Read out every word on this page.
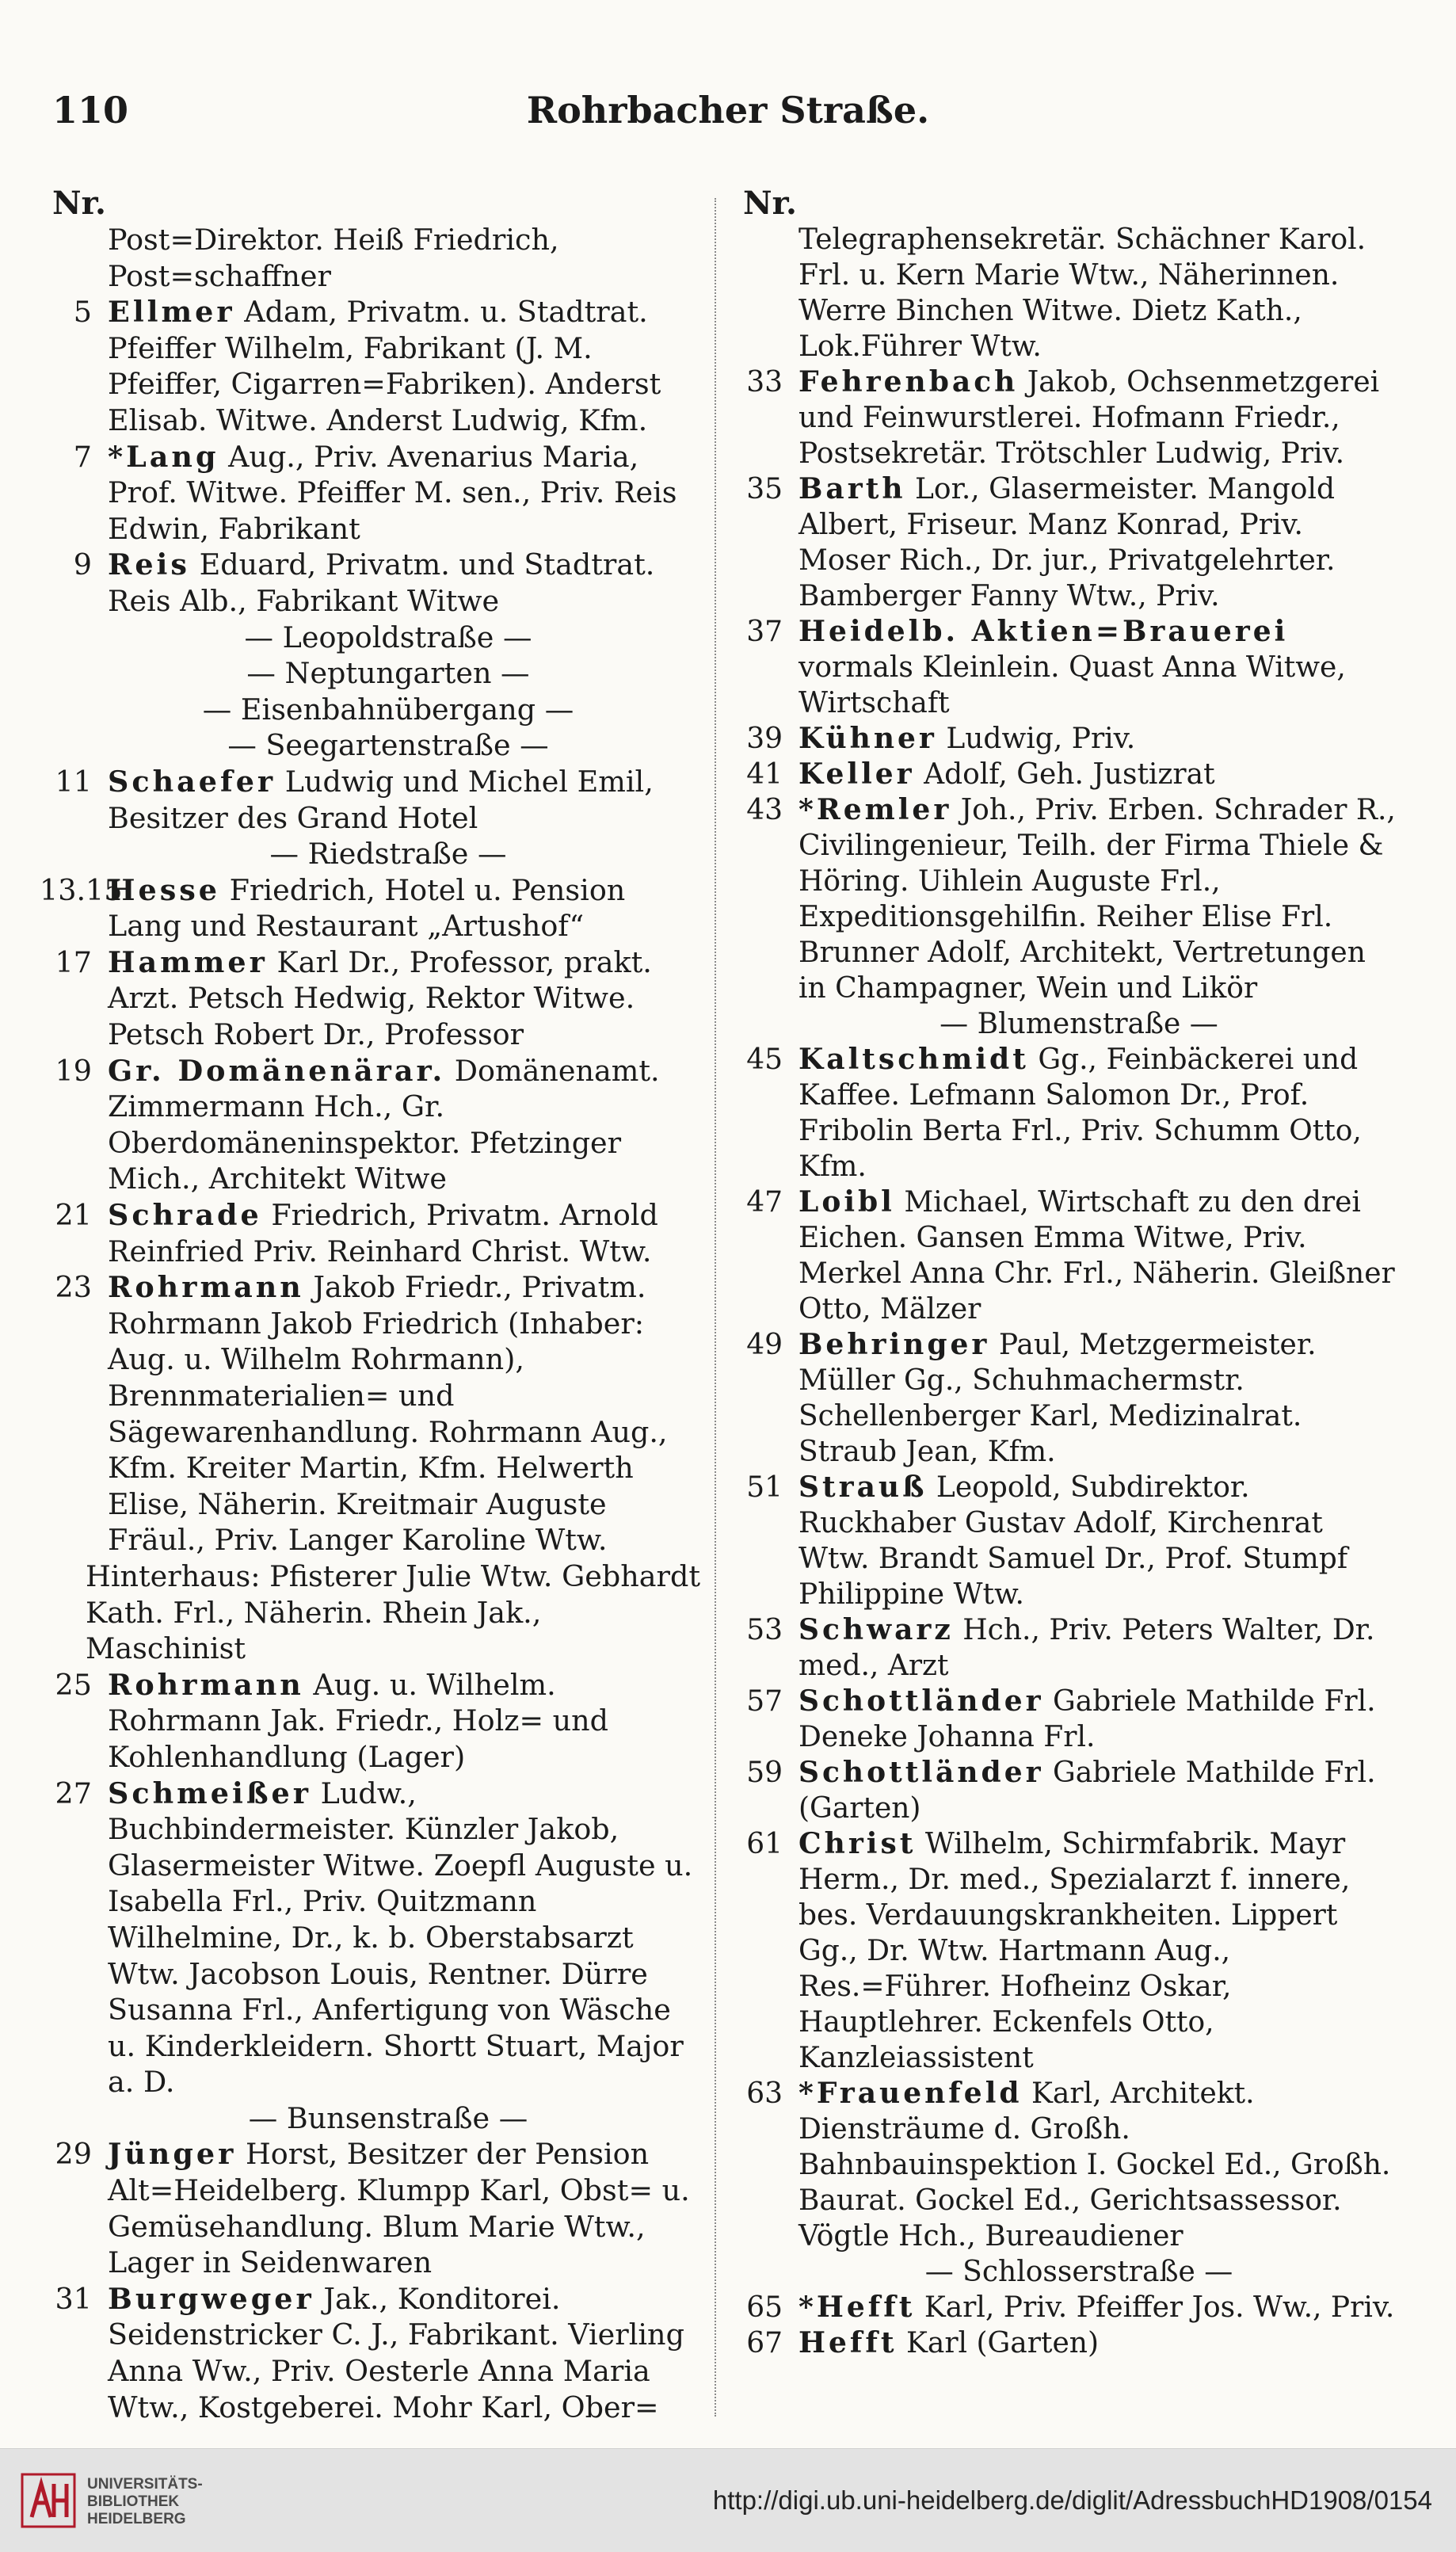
110	Rohrbacher Straße.
Nr.
Post=Direktor. Heiß Friedrich, Post=schaffner
5 Ellmer Adam, Privatm. u. Stadtrat. Pfeiffer Wilhelm, Fabrikant (J. M. Pfeiffer, Cigarren=Fabriken). Anderst Elisab. Witwe. Anderst Ludwig, Kfm.
7 *Lang Aug., Priv. Avenarius Maria, Prof. Witwe. Pfeiffer M. sen., Priv. Reis Edwin, Fabrikant
9 Reis Eduard, Privatm. und Stadtrat. Reis Alb., Fabrikant Witwe
— Leopoldstraße —
— Neptungarten —
— Eisenbahnübergang —
— Seegartenstraße —
11 Schaefer Ludwig und Michel Emil, Besitzer des Grand Hotel
— Riedstraße —
13.15
Hesse Friedrich, Hotel u. Pension Lang und Restaurant „Artushof“
17 Hammer Karl Dr., Professor, prakt. Arzt. Petsch Hedwig, Rektor Witwe. Petsch Robert Dr., Professor
19 Gr. Domänenärar. Domänenamt. Zimmermann Hch., Gr. Oberdomäneninspektor. Pfetzinger Mich., Architekt Witwe
21 Schrade Friedrich, Privatm. Arnold Reinfried Priv. Reinhard Christ. Wtw.
23 Rohrmann Jakob Friedr., Privatm. Rohrmann Jakob Friedrich (Inhaber: Aug. u. Wilhelm Rohrmann), Brennmaterialien= und Sägewarenhandlung. Rohrmann Aug., Kfm. Kreiter Martin, Kfm. Helwerth Elise, Näherin. Kreitmair Auguste Fräul., Priv. Langer Karoline Wtw.
Hinterhaus: Pfisterer Julie Wtw. Gebhardt Kath. Frl., Näherin. Rhein Jak., Maschinist
25 Rohrmann Aug. u. Wilhelm. Rohrmann Jak. Friedr., Holz= und Kohlenhandlung (Lager)
27 Schmeißer Ludw., Buchbindermeister. Künzler Jakob, Glasermeister Witwe. Zoepfl Auguste u. Isabella Frl., Priv. Quitzmann Wilhelmine, Dr., k. b. Oberstabsarzt Wtw. Jacobson Louis, Rentner. Dürre Susanna Frl., Anfertigung von Wäsche u. Kinderkleidern. Shortt Stuart, Major a. D.
— Bunsenstraße —
29 Jünger Horst, Besitzer der Pension Alt=Heidelberg. Klumpp Karl, Obst= u. Gemüsehandlung. Blum Marie Wtw., Lager in Seidenwaren
31 Burgweger Jak., Konditorei. Seidenstricker C. J., Fabrikant. Vierling Anna Ww., Priv. Oesterle Anna Maria Wtw., Kostgeberei. Mohr Karl, Ober=
Nr.
Telegraphensekretär. Schächner Karol. Frl. u. Kern Marie Wtw., Näherinnen. Werre Binchen Witwe. Dietz Kath., Lok.Führer Wtw.
33 Fehrenbach Jakob, Ochsenmetzgerei und Feinwurstlerei. Hofmann Friedr., Postsekretär. Trötschler Ludwig, Priv.
35 Barth Lor., Glasermeister. Mangold Albert, Friseur. Manz Konrad, Priv. Moser Rich., Dr. jur., Privatgelehrter. Bamberger Fanny Wtw., Priv.
37 Heidelb. Aktien=Brauerei vormals Kleinlein. Quast Anna Witwe, Wirtschaft
39 Kühner Ludwig, Priv.
41 Keller Adolf, Geh. Justizrat
43 *Remler Joh., Priv. Erben. Schrader R., Civilingenieur, Teilh. der Firma Thiele & Höring. Uihlein Auguste Frl., Expeditionsgehilfin. Reiher Elise Frl. Brunner Adolf, Architekt, Vertretungen in Champagner, Wein und Likör
— Blumenstraße —
45 Kaltschmidt Gg., Feinbäckerei und Kaffee. Lefmann Salomon Dr., Prof. Fribolin Berta Frl., Priv. Schumm Otto, Kfm.
47 Loibl Michael, Wirtschaft zu den drei Eichen. Gansen Emma Witwe, Priv. Merkel Anna Chr. Frl., Näherin. Gleißner Otto, Mälzer
49 Behringer Paul, Metzgermeister. Müller Gg., Schuhmachermstr. Schellenberger Karl, Medizinalrat. Straub Jean, Kfm.
51 Strauß Leopold, Subdirektor. Ruckhaber Gustav Adolf, Kirchenrat Wtw. Brandt Samuel Dr., Prof. Stumpf Philippine Wtw.
53 Schwarz Hch., Priv. Peters Walter, Dr. med., Arzt
57 Schottländer Gabriele Mathilde Frl. Deneke Johanna Frl.
59 Schottländer Gabriele Mathilde Frl. (Garten)
61 Christ Wilhelm, Schirmfabrik. Mayr Herm., Dr. med., Spezialarzt f. innere, bes. Verdauungskrankheiten. Lippert Gg., Dr. Wtw. Hartmann Aug., Res.=Führer. Hofheinz Oskar, Hauptlehrer. Eckenfels Otto, Kanzleiassistent
63 *Frauenfeld Karl, Architekt. Diensträume d. Großh. Bahnbauinspektion I. Gockel Ed., Großh. Baurat. Gockel Ed., Gerichtsassessor. Vögtle Hch., Bureaudiener
— Schlosserstraße —
65 *Hefft Karl, Priv. Pfeiffer Jos. Ww., Priv.
67 Hefft Karl (Garten)
UNIVERSITÄTS-
BIBLIOTHEK
HEIDELBERG
http://digi.ub.uni-heidelberg.de/diglit/AdressbuchHD1908/0154
